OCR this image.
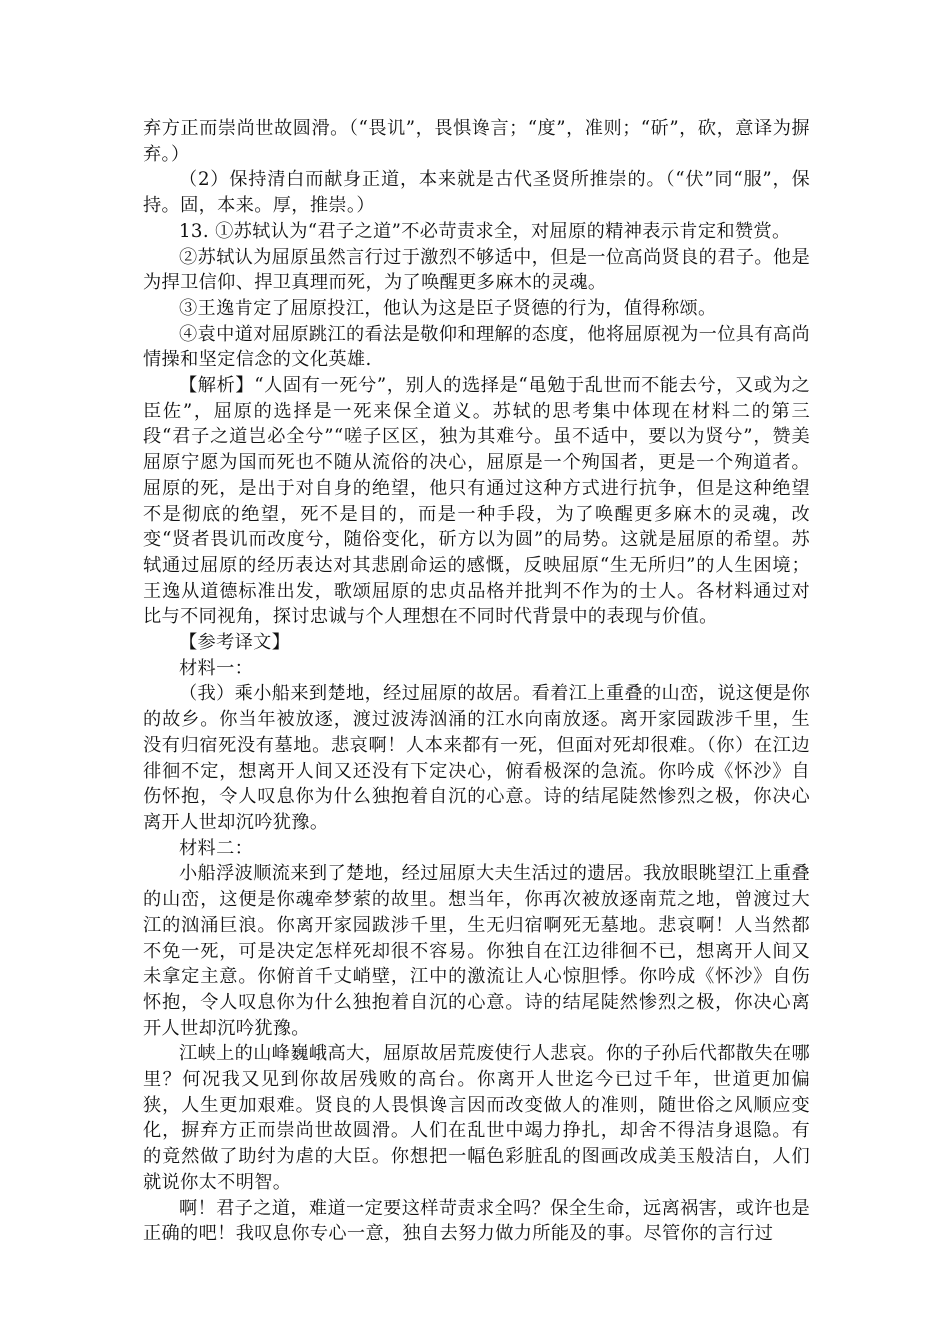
弃方正而崇尚世故圆滑。（“畏讥”，畏惧谗言；“度”，准则；“斫”，砍，意译为摒弃。）

（2）保持清白而献身正道，本来就是古代圣贤所推崇的。（“伏”同“服”，保持。固，本来。厚，推崇。）

13. ①苏轼认为“君子之道”不必苛责求全，对屈原的精神表示肯定和赞赏。

②苏轼认为屈原虽然言行过于激烈不够适中，但是一位高尚贤良的君子。他是为捍卫信仰、捍卫真理而死，为了唤醒更多麻木的灵魂。

③王逸肯定了屈原投江，他认为这是臣子贤德的行为，值得称颂。

④袁中道对屈原跳江的看法是敬仰和理解的态度，他将屈原视为一位具有高尚情操和坚定信念的文化英雄.

【解析】“人固有一死兮”，别人的选择是“黾勉于乱世而不能去兮，又或为之臣佐”，屈原的选择是一死来保全道义。苏轼的思考集中体现在材料二的第三段“君子之道岂必全兮”“嗟子区区，独为其难兮。虽不适中，要以为贤兮”，赞美屈原宁愿为国而死也不随从流俗的决心，屈原是一个殉国者，更是一个殉道者。屈原的死，是出于对自身的绝望，他只有通过这种方式进行抗争，但是这种绝望不是彻底的绝望，死不是目的，而是一种手段，为了唤醒更多麻木的灵魂，改变“贤者畏讥而改度兮，随俗变化，斫方以为圆”的局势。这就是屈原的希望。苏轼通过屈原的经历表达对其悲剧命运的感慨，反映屈原“生无所归”的人生困境；王逸从道德标准出发，歌颂屈原的忠贞品格并批判不作为的士人。各材料通过对比与不同视角，探讨忠诚与个人理想在不同时代背景中的表现与价值。

【参考译文】

材料一：

（我）乘小船来到楚地，经过屈原的故居。看着江上重叠的山峦，说这便是你的故乡。你当年被放逐，渡过波涛汹涌的江水向南放逐。离开家园跋涉千里，生没有归宿死没有墓地。悲哀啊！人本来都有一死，但面对死却很难。（你）在江边徘徊不定，想离开人间又还没有下定决心，俯看极深的急流。你吟成《怀沙》自伤怀抱，令人叹息你为什么独抱着自沉的心意。诗的结尾陡然惨烈之极，你决心离开人世却沉吟犹豫。

材料二：

小船浮波顺流来到了楚地，经过屈原大夫生活过的遗居。我放眼眺望江上重叠的山峦，这便是你魂牵梦萦的故里。想当年，你再次被放逐南荒之地，曾渡过大江的汹涌巨浪。你离开家园跋涉千里，生无归宿啊死无墓地。悲哀啊！人当然都不免一死，可是决定怎样死却很不容易。你独自在江边徘徊不已，想离开人间又未拿定主意。你俯首千丈峭壁，江中的激流让人心惊胆悸。你吟成《怀沙》自伤怀抱，令人叹息你为什么独抱着自沉的心意。诗的结尾陡然惨烈之极，你决心离开人世却沉吟犹豫。

江峡上的山峰巍峨高大，屈原故居荒废使行人悲哀。你的子孙后代都散失在哪里？何况我又见到你故居残败的高台。你离开人世迄今已过千年，世道更加偏狭，人生更加艰难。贤良的人畏惧谗言因而改变做人的准则，随世俗之风顺应变化，摒弃方正而崇尚世故圆滑。人们在乱世中竭力挣扎，却舍不得洁身退隐。有的竟然做了助纣为虐的大臣。你想把一幅色彩脏乱的图画改成美玉般洁白，人们就说你太不明智。

啊！君子之道，难道一定要这样苛责求全吗？保全生命，远离祸害，或许也是正确的吧！我叹息你专心一意，独自去努力做力所能及的事。尽管你的言行过
